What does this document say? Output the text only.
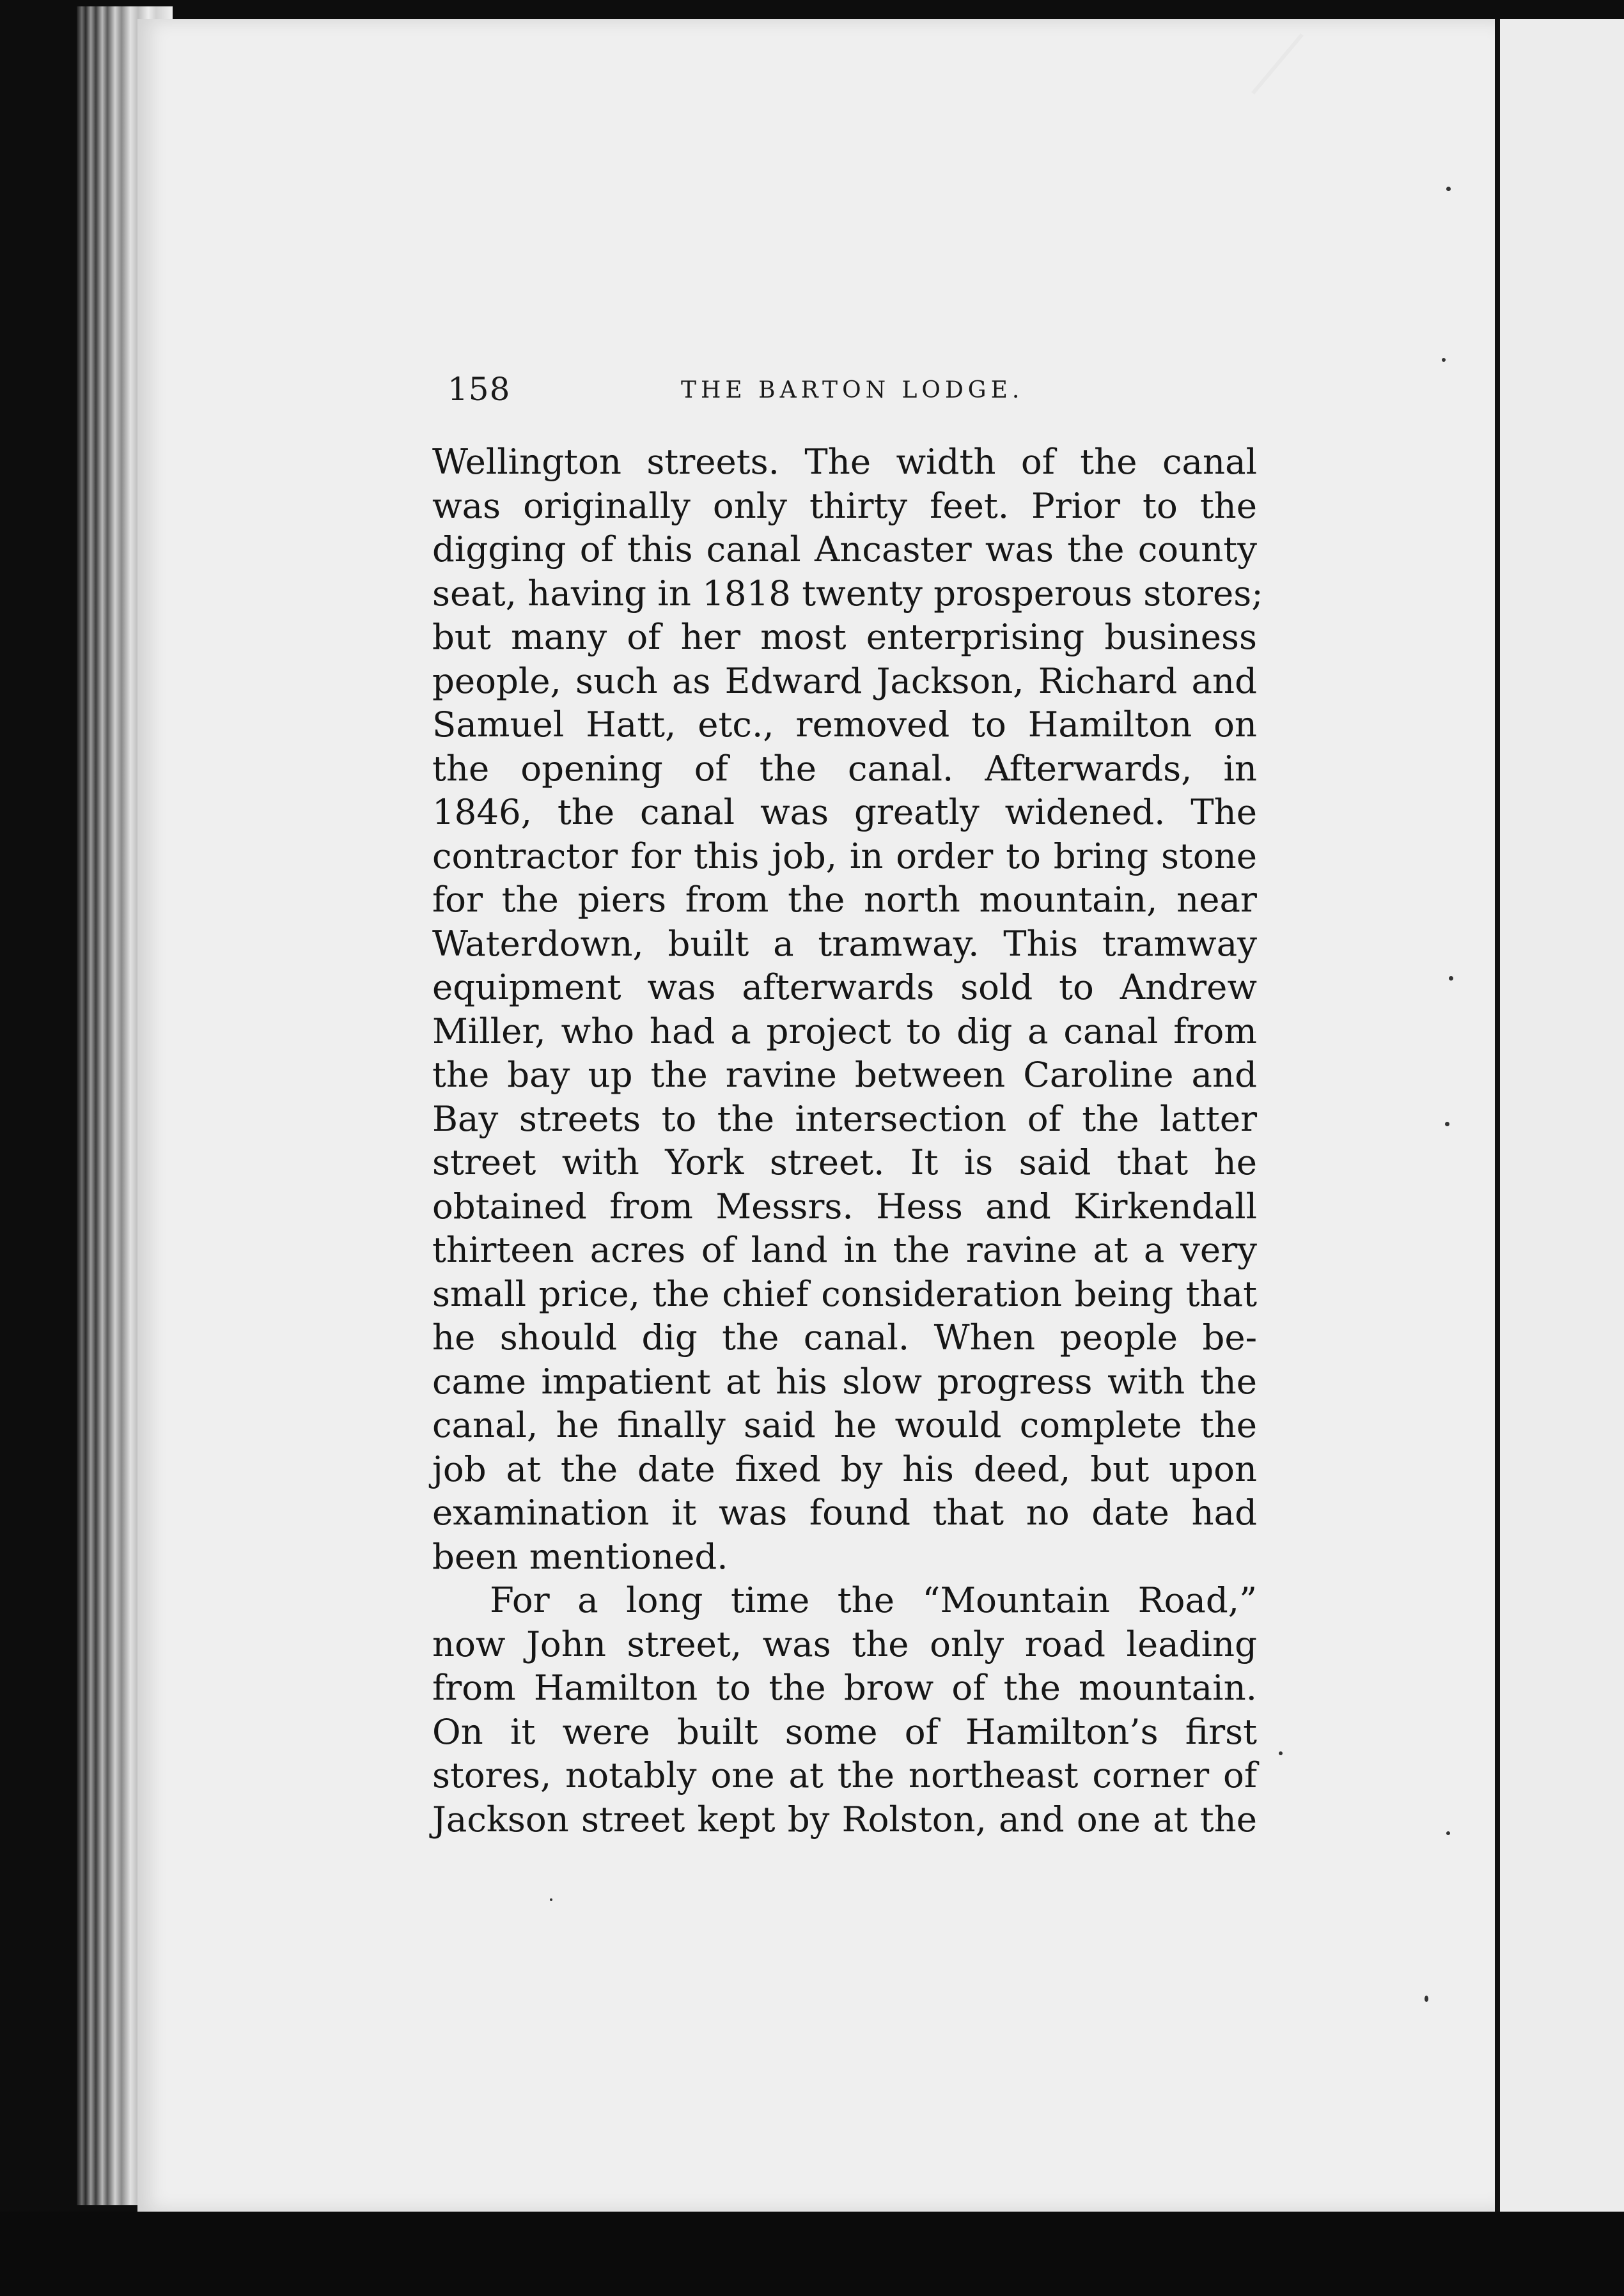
158	THE BARTON LODGE.
Wellington streets. The width of the canal
was originally only thirty feet. Prior to the
digging of this canal Ancaster was the county
seat, having in 1818 twenty prosperous stores;
but many of her most enterprising business
people, such as Edward Jackson, Richard and
Samuel Hatt, etc., removed to Hamilton on
the opening of the canal. Afterwards, in
1846, the canal was greatly widened. The
contractor for this job, in order to bring stone
for the piers from the north mountain, near
Waterdown, built a tramway. This tramway
equipment was afterwards sold to Andrew
Miller, who had a project to dig a canal from
the bay up the ravine between Caroline and
Bay streets to the intersection of the latter
street with York street. It is said that he
obtained from Messrs. Hess and Kirkendall
thirteen acres of land in the ravine at a very
small price, the chief consideration being that
he should dig the canal. When people be-
came impatient at his slow progress with the
canal, he finally said he would complete the
job at the date fixed by his deed, but upon
examination it was found that no date had
been mentioned.
For a long time the “Mountain Road,”
now John street, was the only road leading
from Hamilton to the brow of the mountain.
On it were built some of Hamilton’s first
stores, notably one at the northeast corner of
Jackson street kept by Rolston, and one at the
